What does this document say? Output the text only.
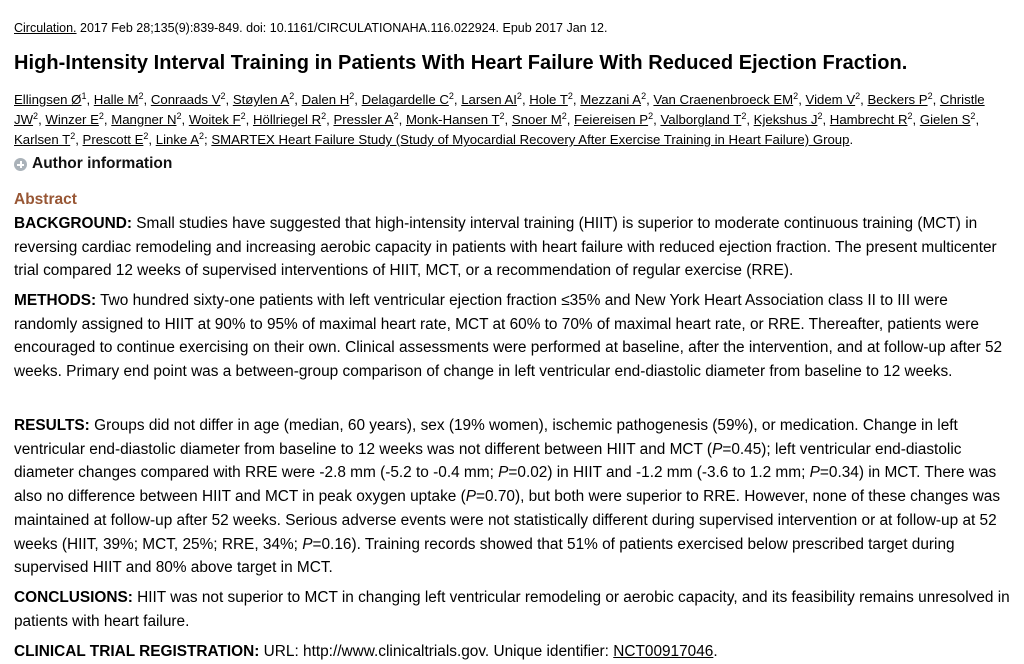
Circulation. 2017 Feb 28;135(9):839-849. doi: 10.1161/CIRCULATIONAHA.116.022924. Epub 2017 Jan 12.
High-Intensity Interval Training in Patients With Heart Failure With Reduced Ejection Fraction.
Ellingsen $Ø^1$, Halle $M^2$, Conraads $V^2$, Støylen $A^2$, Dalen $H^2$, Delagardelle $C^2$, Larsen $AI^2$, Hole $T^2$, Mezzani $A^2$, Van Craenenbroeck $EM^2$, Videm $V^2$, Beckers $P^2$, Christle $JW^2$, Winzer $E^2$, Mangner $N^2$, Woitek $F^2$, Höllriegel $R^2$, Pressler $A^2$, Monk-Hansen $T^2$, Snoer $M^2$, Feiereisen $P^2$, Valborgland $T^2$, Kjekshus $J^2$, Hambrecht $R^2$, Gielen $S^2$, Karlsen $T^2$, Prescott $E^2$, Linke $A^2$; SMARTEX Heart Failure Study (Study of Myocardial Recovery After Exercise Training in Heart Failure) Group.
Author information
Abstract

BACKGROUND: Small studies have suggested that high-intensity interval training (HIIT) is superior to moderate continuous training (MCT) in reversing cardiac remodeling and increasing aerobic capacity in patients with heart failure with reduced ejection fraction. The present multicenter trial compared 12 weeks of supervised interventions of HIIT, MCT, or a recommendation of regular exercise (RRE).

METHODS: Two hundred sixty-one patients with left ventricular ejection fraction ≤35% and New York Heart Association class II to III were randomly assigned to HIIT at 90% to 95% of maximal heart rate, MCT at 60% to 70% of maximal heart rate, or RRE. Thereafter, patients were encouraged to continue exercising on their own. Clinical assessments were performed at baseline, after the intervention, and at follow-up after 52 weeks. Primary end point was a between-group comparison of change in left ventricular end-diastolic diameter from baseline to 12 weeks.

RESULTS: Groups did not differ in age (median, 60 years), sex (19% women), ischemic pathogenesis (59%), or medication. Change in left ventricular end-diastolic diameter from baseline to 12 weeks was not different between HIIT and MCT (P=0.45); left ventricular end-diastolic diameter changes compared with RRE were -2.8 mm (-5.2 to -0.4 mm; P=0.02) in HIIT and -1.2 mm (-3.6 to 1.2 mm; P=0.34) in MCT. There was also no difference between HIIT and MCT in peak oxygen uptake (P=0.70), but both were superior to RRE. However, none of these changes was maintained at follow-up after 52 weeks. Serious adverse events were not statistically different during supervised intervention or at follow-up at 52 weeks (HIIT, 39%; MCT, 25%; RRE, 34%; P=0.16). Training records showed that 51% of patients exercised below prescribed target during supervised HIIT and 80% above target in MCT.

CONCLUSIONS: HIIT was not superior to MCT in changing left ventricular remodeling or aerobic capacity, and its feasibility remains unresolved in patients with heart failure.

CLINICAL TRIAL REGISTRATION: URL: http://www.clinicaltrials.gov. Unique identifier: NCT00917046.
